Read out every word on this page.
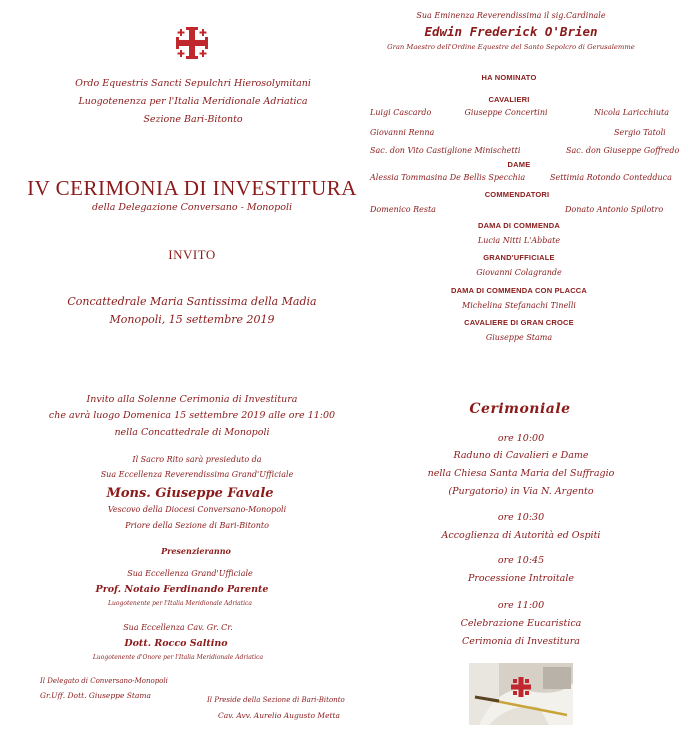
Ordo Equestris Sancti Sepulchri Hierosolymitani
Luogotenenza per l'Italia Meridionale Adriatica
Sezione Bari-Bitonto
IV CERIMONIA DI INVESTITURA
della Delegazione Conversano - Monopoli
INVITO
Concattedrale Maria Santissima della Madia
Monopoli, 15 settembre 2019
Invito alla Solenne Cerimonia di Investitura
che avrà luogo Domenica 15 settembre 2019 alle ore 11:00
nella Concattedrale di Monopoli
Il Sacro Rito sarà presieduto da
Sua Eccellenza Reverendissima Grand'Ufficiale
Mons. Giuseppe Favale
Vescovo della Diocesi Conversano-Monopoli
Priore della Sezione di Bari-Bitonto
Presenzieranno
Sua Eccellenza Grand'Ufficiale
Prof. Notaio Ferdinando Parente
Luogotenente per l'Italia Meridionale Adriatica
Sua Eccellenza Cav. Gr. Cr.
Dott. Rocco Saltino
Luogotenente d'Onore per l'Italia Meridionale Adriatica
Il Delegato di Conversano-Monopoli
Gr.Uff. Dott. Giuseppe Stama	Il Preside della Sezione di Bari-Bitonto
Cav. Avv. Aurelio Augusto Metta
Sua Eminenza Reverendissima il sig.Cardinale
Edwin Frederick O'Brien
Gran Maestro dell'Ordine Equestre del Santo Sepolcro di Gerusalemme
HA NOMINATO
CAVALIERI
Luigi Cascardo	Giuseppe Concertini	Nicola Laricchiuta
Giovanni Renna	Sergio Tatoli
Sac. don Vito Castiglione Minischetti	Sac. don Giuseppe Goffredo
DAME
Alessia Tommasina De Bellis Specchia	Settimia Rotondo Contedduca
COMMENDATORI
Domenico Resta	Donato Antonio Spilotro
DAMA DI COMMENDA
Lucia Nitti L'Abbate
GRAND'UFFICIALE
Giovanni Colagrande
DAMA DI COMMENDA CON PLACCA
Michelina Stefanachi Tinelli
CAVALIERE DI GRAN CROCE
Giuseppe Stama
Cerimoniale
ore 10:00
Raduno di Cavalieri e Dame
nella Chiesa Santa Maria del Suffragio
(Purgatorio) in Via N. Argento
ore 10:30
Accoglienza di Autorità ed Ospiti
ore 10:45
Processione Introitale
ore 11:00
Celebrazione Eucaristica
Cerimonia di Investitura
